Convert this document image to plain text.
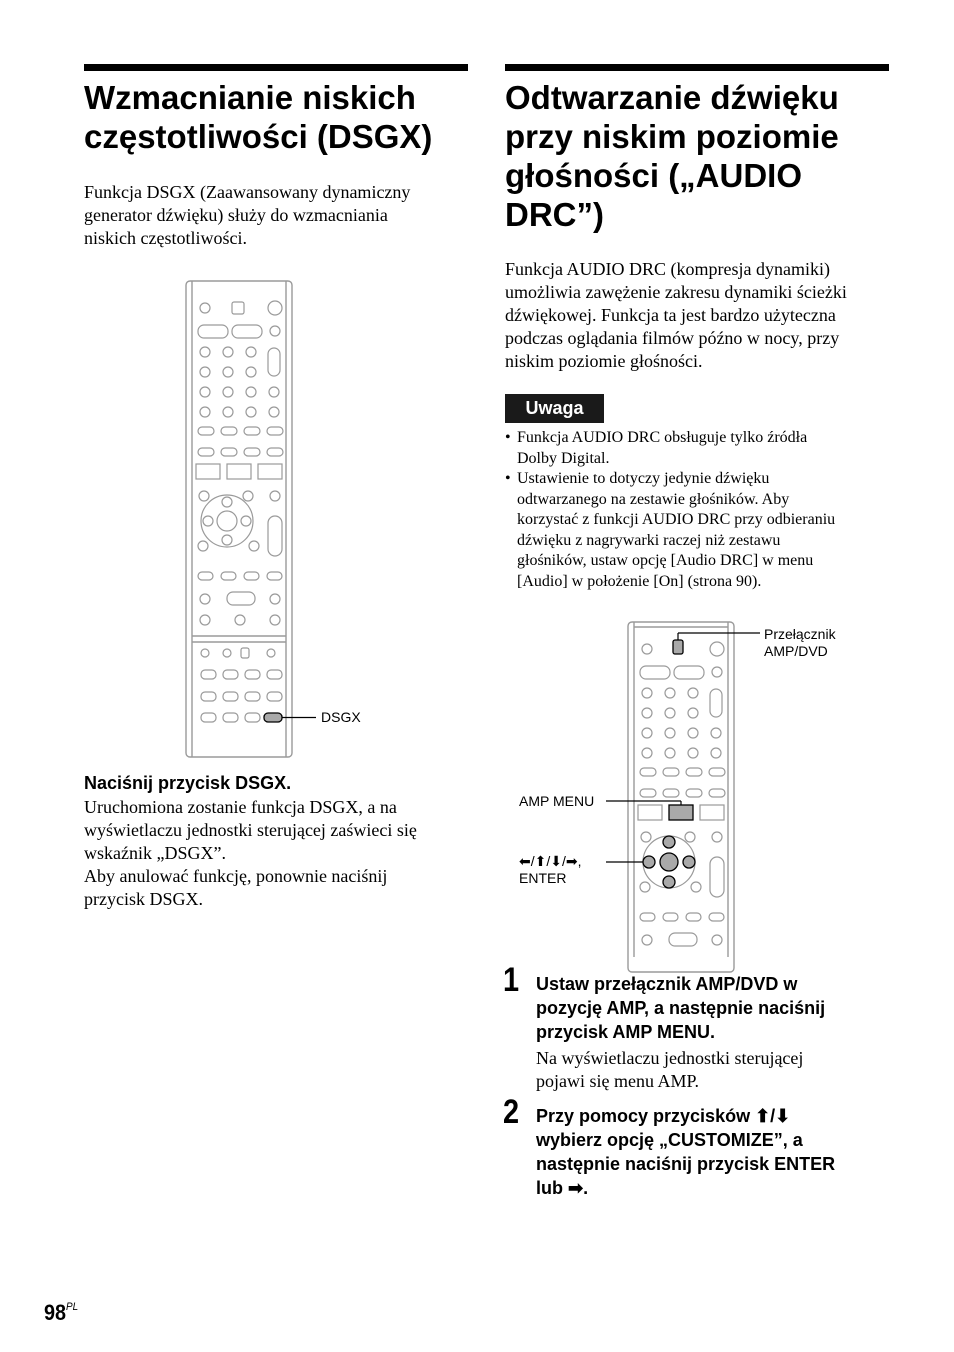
Wzmacnianie niskich
częstotliwości (DSGX)
Funkcja DSGX (Zaawansowany dynamiczny
generator dźwięku) służy do wzmacniania
niskich częstotliwości.
DSGX
Naciśnij przycisk DSGX.
Uruchomiona zostanie funkcja DSGX, a na
wyświetlaczu jednostki sterującej zaświeci się
wskaźnik „DSGX”.
Aby anulować funkcję, ponownie naciśnij
przycisk DSGX.
Odtwarzanie dźwięku
przy niskim poziomie
głośności („AUDIO
DRC”)
Funkcja AUDIO DRC (kompresja dynamiki)
umożliwia zawężenie zakresu dynamiki ścieżki
dźwiękowej. Funkcja ta jest bardzo użyteczna
podczas oglądania filmów późno w nocy, przy
niskim poziomie głośności.
Uwaga
• Funkcja AUDIO DRC obsługuje tylko źródła
Dolby Digital.
• Ustawienie to dotyczy jedynie dźwięku
odtwarzanego na zestawie głośników. Aby
korzystać z funkcji AUDIO DRC przy odbieraniu
dźwięku z nagrywarki raczej niż zestawu
głośników, ustaw opcję [Audio DRC] w menu
[Audio] w położenie [On] (strona 90).
Przełącznik
AMP/DVD
AMP MENU
⬅/⬆/⬇/➡,
ENTER
1 Ustaw przełącznik AMP/DVD w
pozycję AMP, a następnie naciśnij
przycisk AMP MENU.
Na wyświetlaczu jednostki sterującej
pojawi się menu AMP.
2 Przy pomocy przycisków ⬆/⬇
wybierz opcję „CUSTOMIZE”, a
następnie naciśnij przycisk ENTER
lub ➡.
$98^{PL}$
